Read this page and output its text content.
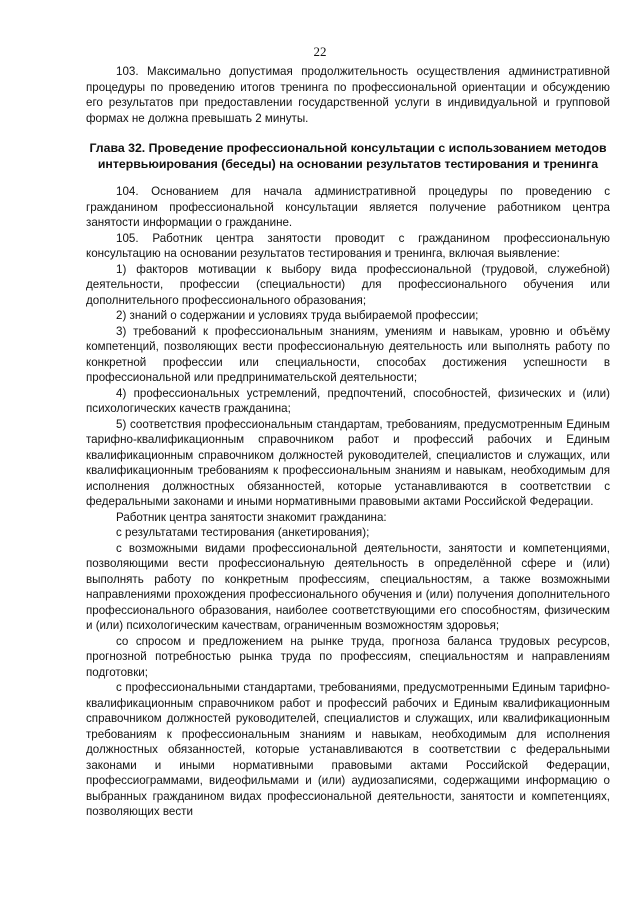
22

103. Максимально допустимая продолжительность осуществления административной процедуры по проведению итогов тренинга по профессиональной ориентации и обсуждению его результатов при предоставлении государственной услуги в индивидуальной и групповой формах не должна превышать 2 минуты.

Глава 32. Проведение профессиональной консультации с использованием методов интервьюирования (беседы) на основании результатов тестирования и тренинга

104. Основанием для начала административной процедуры по проведению с гражданином профессиональной консультации является получение работником центра занятости информации о гражданине.

105. Работник центра занятости проводит с гражданином профессиональную консультацию на основании результатов тестирования и тренинга, включая выявление:

1) факторов мотивации к выбору вида профессиональной (трудовой, служебной) деятельности, профессии (специальности) для профессионального обучения или дополнительного профессионального образования;

2) знаний о содержании и условиях труда выбираемой профессии;

3) требований к профессиональным знаниям, умениям и навыкам, уровню и объёму компетенций, позволяющих вести профессиональную деятельность или выполнять работу по конкретной профессии или специальности, способах достижения успешности в профессиональной или предпринимательской деятельности;

4) профессиональных устремлений, предпочтений, способностей, физических и (или) психологических качеств гражданина;

5) соответствия профессиональным стандартам, требованиям, предусмотренным Единым тарифно-квалификационным справочником работ и профессий рабочих и Единым квалификационным справочником должностей руководителей, специалистов и служащих, или квалификационным требованиям к профессиональным знаниям и навыкам, необходимым для исполнения должностных обязанностей, которые устанавливаются в соответствии с федеральными законами и иными нормативными правовыми актами Российской Федерации.

Работник центра занятости знакомит гражданина:

с результатами тестирования (анкетирования);

с возможными видами профессиональной деятельности, занятости и компетенциями, позволяющими вести профессиональную деятельность в определённой сфере и (или) выполнять работу по конкретным профессиям, специальностям, а также возможными направлениями прохождения профессионального обучения и (или) получения дополнительного профессионального образования, наиболее соответствующими его способностям, физическим и (или) психологическим качествам, ограниченным возможностям здоровья;

со спросом и предложением на рынке труда, прогноза баланса трудовых ресурсов, прогнозной потребностью рынка труда по профессиям, специальностям и направлениям подготовки;

с профессиональными стандартами, требованиями, предусмотренными Единым тарифно-квалификационным справочником работ и профессий рабочих и Единым квалификационным справочником должностей руководителей, специалистов и служащих, или квалификационным требованиям к профессиональным знаниям и навыкам, необходимым для исполнения должностных обязанностей, которые устанавливаются в соответствии с федеральными законами и иными нормативными правовыми актами Российской Федерации, профессиограммами, видеофильмами и (или) аудиозаписями, содержащими информацию о выбранных гражданином видах профессиональной деятельности, занятости и компетенциях, позволяющих вести
